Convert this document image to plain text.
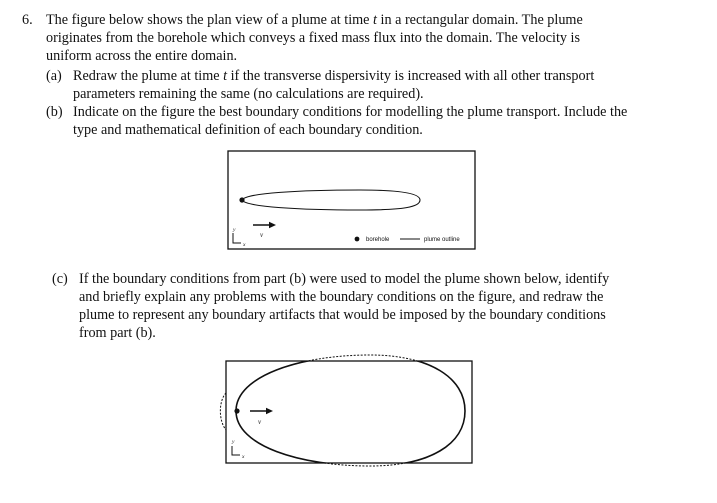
6. The figure below shows the plan view of a plume at time t in a rectangular domain. The plume
originates from the borehole which conveys a fixed mass flux into the domain. The velocity is
uniform across the entire domain.
(a) Redraw the plume at time t if the transverse dispersivity is increased with all other transport
parameters remaining the same (no calculations are required).
(b) Indicate on the figure the best boundary conditions for modelling the plume transport. Include the
type and mathematical definition of each boundary condition.
v
y
x
borehole	plume outline
(c) If the boundary conditions from part (b) were used to model the plume shown below, identify
and briefly explain any problems with the boundary conditions on the figure, and redraw the
plume to represent any boundary artifacts that would be imposed by the boundary conditions
from part (b).
v
y
x
